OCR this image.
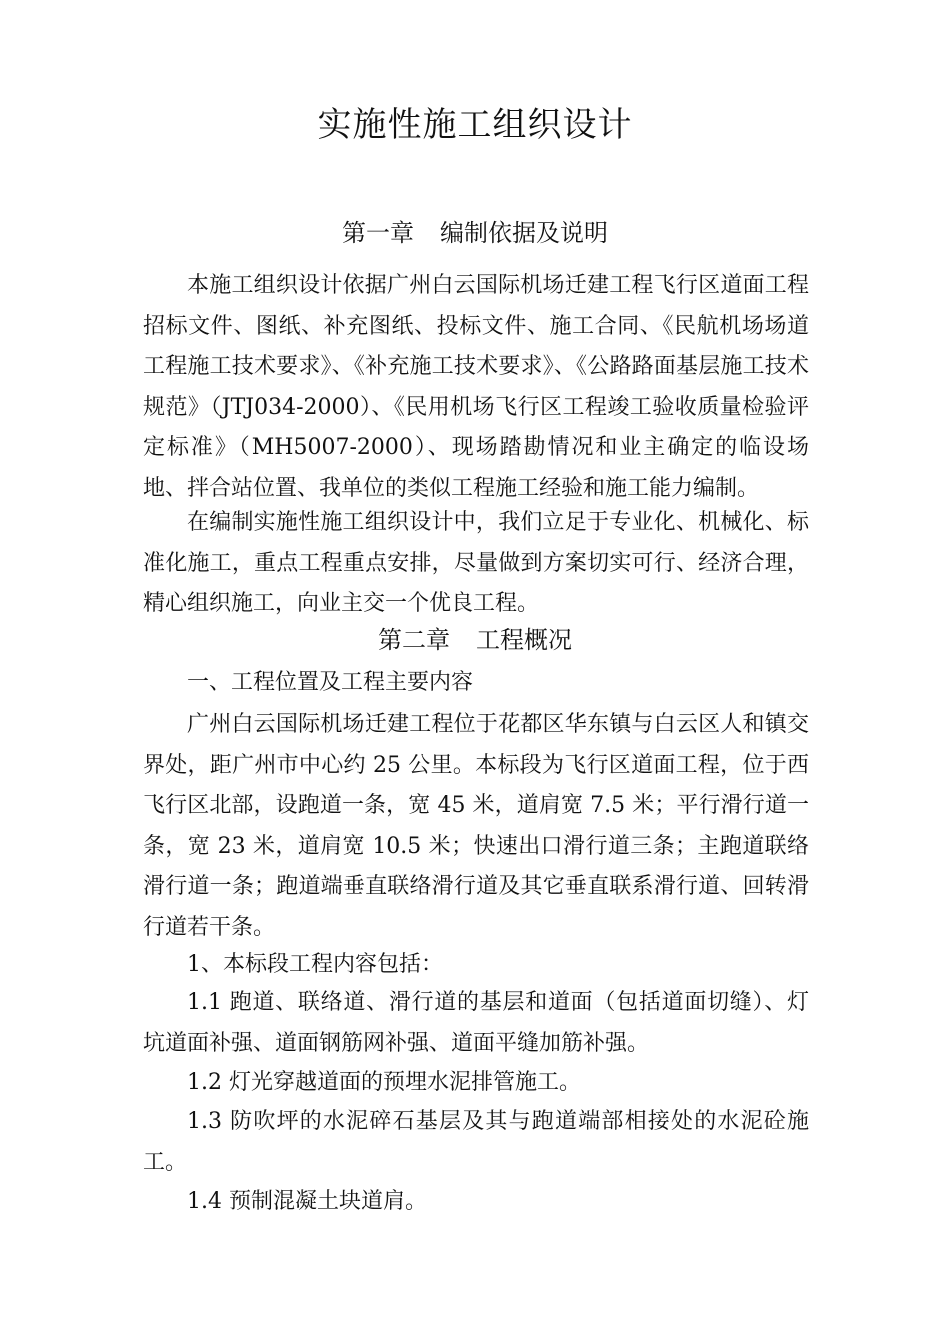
实施性施工组织设计
第一章 编制依据及说明

本施工组织设计依据广州白云国际机场迁建工程飞行区道面工程招标文件、图纸、补充图纸、投标文件、施工合同、《民航机场场道工程施工技术要求》、《补充施工技术要求》、《公路路面基层施工技术规范》（JTJ034-2000）、《民用机场飞行区工程竣工验收质量检验评定标准》（MH5007-2000）、现场踏勘情况和业主确定的临设场地、拌合站位置、我单位的类似工程施工经验和施工能力编制。

在编制实施性施工组织设计中，我们立足于专业化、机械化、标准化施工，重点工程重点安排，尽量做到方案切实可行、经济合理，精心组织施工，向业主交一个优良工程。

第二章 工程概况

一、工程位置及工程主要内容

广州白云国际机场迁建工程位于花都区华东镇与白云区人和镇交界处，距广州市中心约 25 公里。本标段为飞行区道面工程，位于西飞行区北部，设跑道一条，宽 45 米，道肩宽 7.5 米；平行滑行道一条，宽 23 米，道肩宽 10.5 米；快速出口滑行道三条；主跑道联络滑行道一条；跑道端垂直联络滑行道及其它垂直联系滑行道、回转滑行道若干条。

1、本标段工程内容包括：

1.1 跑道、联络道、滑行道的基层和道面（包括道面切缝）、灯坑道面补强、道面钢筋网补强、道面平缝加筋补强。

1.2 灯光穿越道面的预埋水泥排管施工。

1.3 防吹坪的水泥碎石基层及其与跑道端部相接处的水泥砼施工。

1.4 预制混凝土块道肩。
